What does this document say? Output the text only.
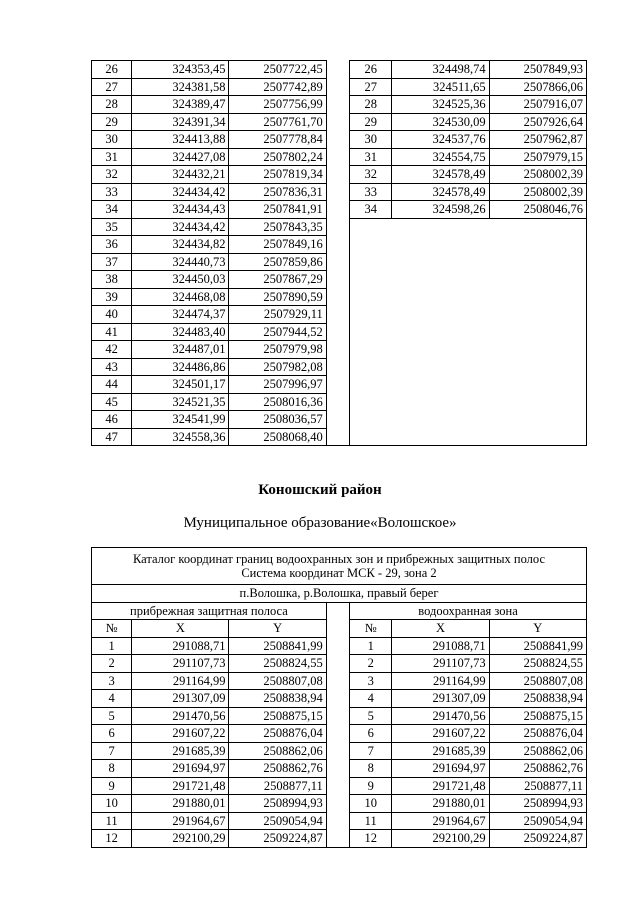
26	324353,45	2507722,45		26	324498,74	2507849,93
27	324381,58	2507742,89		27	324511,65	2507866,06
28	324389,47	2507756,99		28	324525,36	2507916,07
29	324391,34	2507761,70		29	324530,09	2507926,64
30	324413,88	2507778,84		30	324537,76	2507962,87
31	324427,08	2507802,24		31	324554,75	2507979,15
32	324432,21	2507819,34		32	324578,49	2508002,39
33	324434,42	2507836,31		33	324578,49	2508002,39
34	324434,43	2507841,91		34	324598,26	2508046,76
35	324434,42	2507843,35				
36	324434,82	2507849,16				
37	324440,73	2507859,86				
38	324450,03	2507867,29				
39	324468,08	2507890,59				
40	324474,37	2507929,11				
41	324483,40	2507944,52				
42	324487,01	2507979,98				
43	324486,86	2507982,08				
44	324501,17	2507996,97				
45	324521,35	2508016,36				
46	324541,99	2508036,57				
47	324558,36	2508068,40				
Коношский район
Муниципальное образование«Волошское»
Каталог координат границ водоохранных зон и прибрежных защитных полос
Система координат МСК - 29, зона 2						

п.Волошка, р.Волошка, правый берег						
прибрежная защитная полоса				водоохранная зона		
№	X	Y		№	X	Y
1	291088,71	2508841,99		1	291088,71	2508841,99
2	291107,73	2508824,55		2	291107,73	2508824,55
3	291164,99	2508807,08		3	291164,99	2508807,08
4	291307,09	2508838,94		4	291307,09	2508838,94
5	291470,56	2508875,15		5	291470,56	2508875,15
6	291607,22	2508876,04		6	291607,22	2508876,04
7	291685,39	2508862,06		7	291685,39	2508862,06
8	291694,97	2508862,76		8	291694,97	2508862,76
9	291721,48	2508877,11		9	291721,48	2508877,11
10	291880,01	2508994,93		10	291880,01	2508994,93
11	291964,67	2509054,94		11	291964,67	2509054,94
12	292100,29	2509224,87		12	292100,29	2509224,87
